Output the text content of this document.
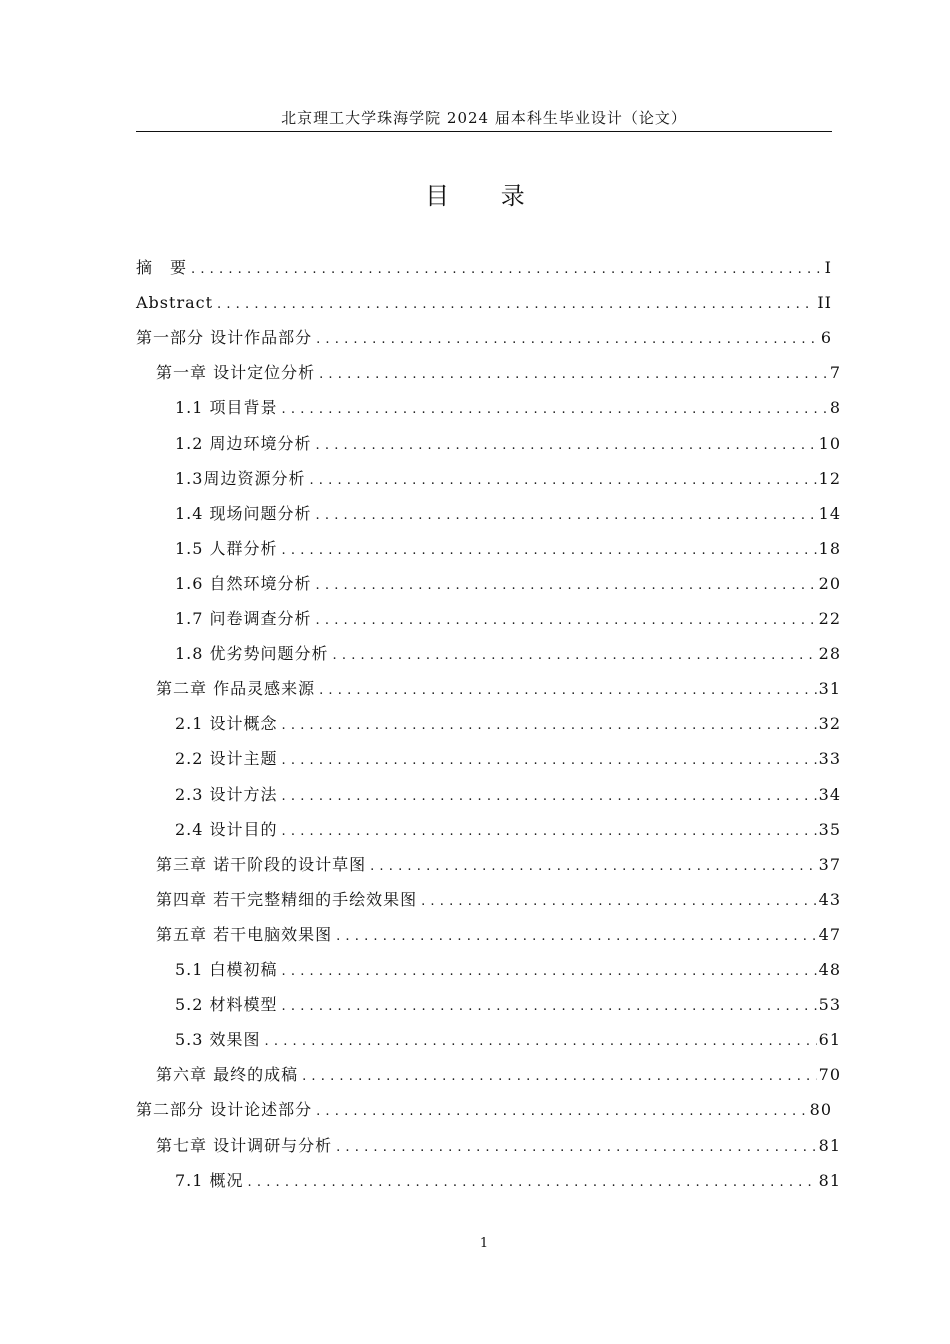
北京理工大学珠海学院 2024 届本科生毕业设计（论文）
目 录
摘　要 .....	I
Abstract .....	II
第一部分 设计作品部分 .....	6
第一章 设计定位分析 .....	7
1.1 项目背景 .....	8
1.2 周边环境分析 .....	10
1.3周边资源分析 .....	12
1.4 现场问题分析 .....	14
1.5 人群分析 .....	18
1.6 自然环境分析 .....	20
1.7 问卷调查分析 .....	22
1.8 优劣势问题分析 .....	28
第二章 作品灵感来源 .....	31
2.1 设计概念 .....	32
2.2 设计主题 .....	33
2.3 设计方法 .....	34
2.4 设计目的 .....	35
第三章 诺干阶段的设计草图 .....	37
第四章 若干完整精细的手绘效果图 .....	43
第五章 若干电脑效果图 .....	47
5.1 白模初稿 .....	48
5.2 材料模型 .....	53
5.3 效果图 .....	61
第六章 最终的成稿 .....	70
第二部分 设计论述部分 .....	80
第七章 设计调研与分析 .....	81
7.1 概况 .....	81
1
